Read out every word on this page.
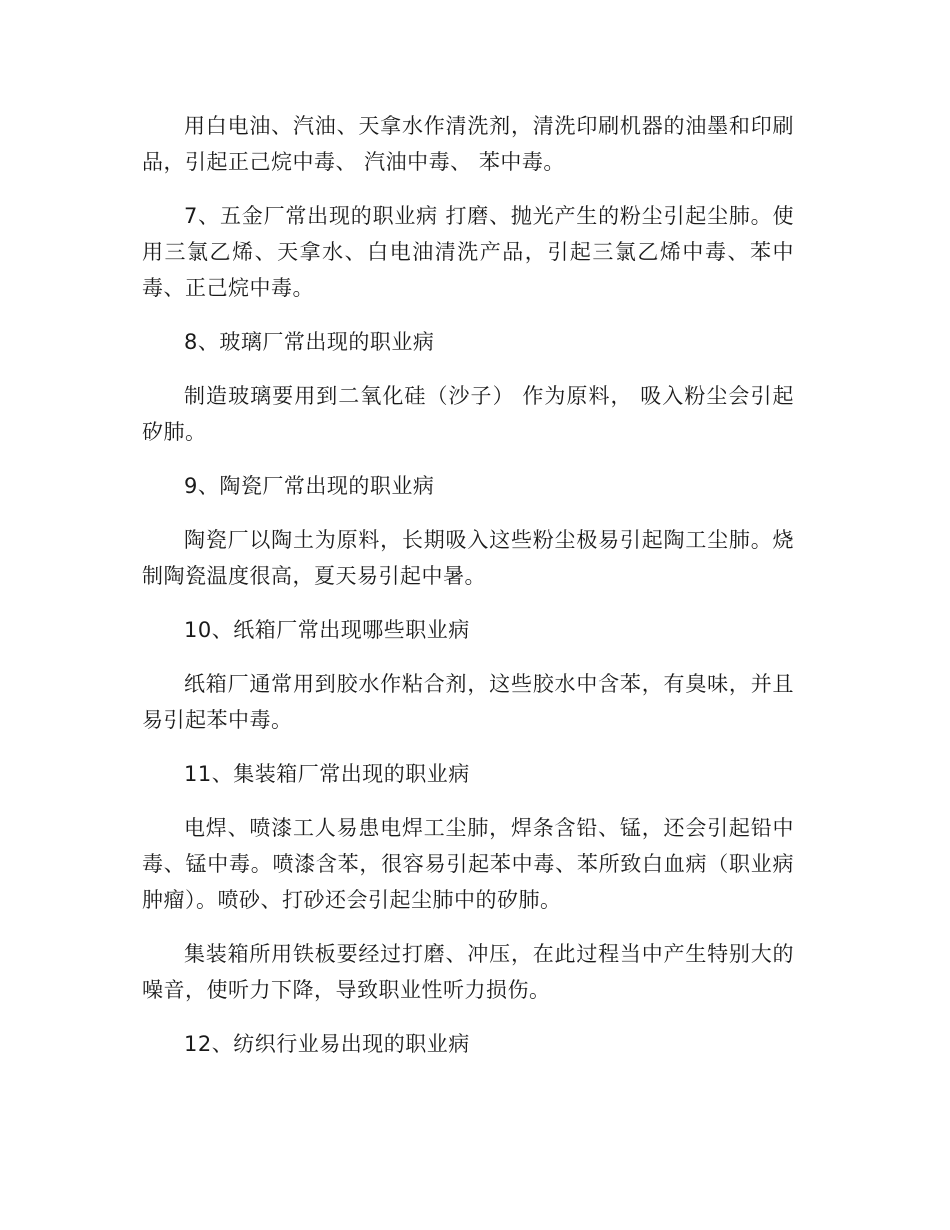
用白电油、汽油、天拿水作清洗剂，清洗印刷机器的油墨和印刷品，引起正己烷中毒、 汽油中毒、 苯中毒。

7、五金厂常出现的职业病 打磨、抛光产生的粉尘引起尘肺。使用三氯乙烯、天拿水、白电油清洗产品，引起三氯乙烯中毒、苯中毒、正己烷中毒。

8、玻璃厂常出现的职业病

制造玻璃要用到二氧化硅（沙子） 作为原料， 吸入粉尘会引起矽肺。

9、陶瓷厂常出现的职业病

陶瓷厂以陶土为原料，长期吸入这些粉尘极易引起陶工尘肺。烧制陶瓷温度很高，夏天易引起中暑。

10、纸箱厂常出现哪些职业病

纸箱厂通常用到胶水作粘合剂，这些胶水中含苯，有臭味，并且易引起苯中毒。

11、集装箱厂常出现的职业病

电焊、喷漆工人易患电焊工尘肺，焊条含铅、锰，还会引起铅中毒、锰中毒。喷漆含苯，很容易引起苯中毒、苯所致白血病（职业病肿瘤）。喷砂、打砂还会引起尘肺中的矽肺。

集装箱所用铁板要经过打磨、冲压，在此过程当中产生特别大的噪音，使听力下降，导致职业性听力损伤。

12、纺织行业易出现的职业病
